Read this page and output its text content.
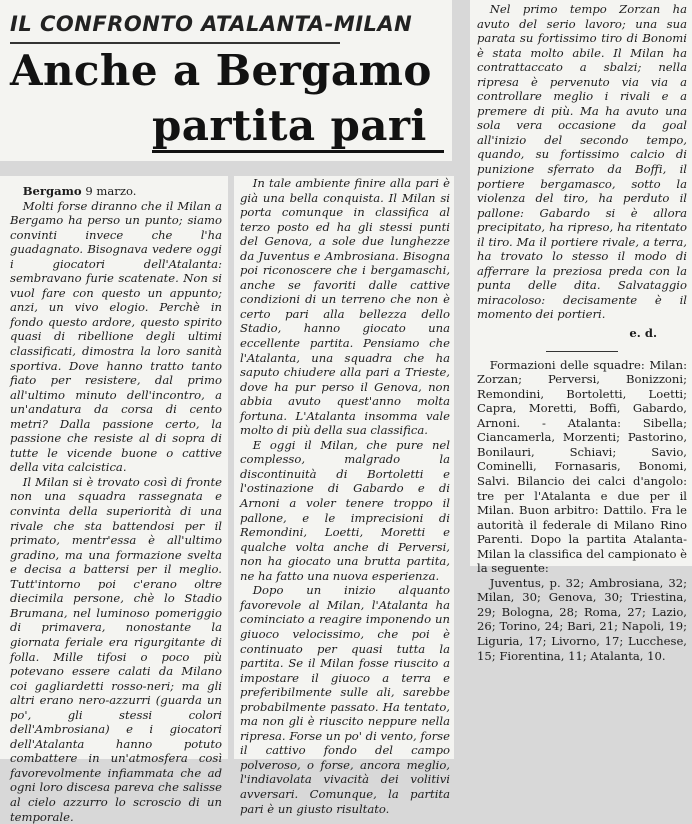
IL CONFRONTO ATALANTA-MILAN
Anche a Bergamo
partita pari

Bergamo 9 marzo.

Molti forse diranno che il Milan a Bergamo ha perso un punto; siamo convinti invece che l'ha guadagnato. Bisognava vedere oggi i giocatori dell'Atalanta: sembravano furie scatenate. Non si vuol fare con questo un appunto; anzi, un vivo elogio. Perchè in fondo questo ardore, questo spirito quasi di ribellione degli ultimi classificati, dimostra la loro sanità sportiva. Dove hanno tratto tanto fiato per resistere, dal primo all'ultimo minuto dell'incontro, a un'andatura da corsa di cento metri? Dalla passione certo, la passione che resiste al di sopra di tutte le vicende buone o cattive della vita calcistica.

Il Milan si è trovato così di fronte non una squadra rassegnata e convinta della superiorità di una rivale che sta battendosi per il primato, mentr'essa è all'ultimo gradino, ma una formazione svelta e decisa a battersi per il meglio. Tutt'intorno poi c'erano oltre diecimila persone, chè lo Stadio Brumana, nel luminoso pomeriggio di primavera, nonostante la giornata feriale era rigurgitante di folla. Mille tifosi o poco più potevano essere calati da Milano coi gagliardetti rosso-neri; ma gli altri erano nero-azzurri (guarda un po', gli stessi colori dell'Ambrosiana) e i giocatori dell'Atalanta hanno potuto combattere in un'atmosfera così favorevolmente infiammata che ad ogni loro discesa pareva che salisse al cielo azzurro lo scroscio di un temporale.

In tale ambiente finire alla pari è già una bella conquista. Il Milan si porta comunque in classifica al terzo posto ed ha gli stessi punti del Genova, a sole due lunghezze da Juventus e Ambrosiana. Bisogna poi riconoscere che i bergamaschi, anche se favoriti dalle cattive condizioni di un terreno che non è certo pari alla bellezza dello Stadio, hanno giocato una eccellente partita. Pensiamo che l'Atalanta, una squadra che ha saputo chiudere alla pari a Trieste, dove ha pur perso il Genova, non abbia avuto quest'anno molta fortuna. L'Atalanta insomma vale molto di più della sua classifica.

E oggi il Milan, che pure nel complesso, malgrado la discontinuità di Bortoletti e l'ostinazione di Gabardo e di Arnoni a voler tenere troppo il pallone, e le imprecisioni di Remondini, Loetti, Moretti e qualche volta anche di Perversi, non ha giocato una brutta partita, ne ha fatto una nuova esperienza.

Dopo un inizio alquanto favorevole al Milan, l'Atalanta ha cominciato a reagire imponendo un giuoco velocissimo, che poi è continuato per quasi tutta la partita. Se il Milan fosse riuscito a impostare il giuoco a terra e preferibilmente sulle ali, sarebbe probabilmente passato. Ha tentato, ma non gli è riuscito neppure nella ripresa. Forse un po' di vento, forse il cattivo fondo del campo polveroso, o forse, ancora meglio, l'indiavolata vivacità dei volitivi avversari. Comunque, la partita pari è un giusto risultato.

Nel primo tempo Zorzan ha avuto del serio lavoro; una sua parata su fortissimo tiro di Bonomi è stata molto abile. Il Milan ha contrattaccato a sbalzi; nella ripresa è pervenuto via via a controllare meglio i rivali e a premere di più. Ma ha avuto una sola vera occasione da goal all'inizio del secondo tempo, quando, su fortissimo calcio di punizione sferrato da Boffi, il portiere bergamasco, sotto la violenza del tiro, ha perduto il pallone: Gabardo si è allora precipitato, ha ripreso, ha ritentato il tiro. Ma il portiere rivale, a terra, ha trovato lo stesso il modo di afferrare la preziosa preda con la punta delle dita. Salvataggio miracoloso: decisamente è il momento dei portieri.

e. d.

Formazioni delle squadre: Milan: Zorzan; Perversi, Bonizzoni; Remondini, Bortoletti, Loetti; Capra, Moretti, Boffi, Gabardo, Arnoni. - Atalanta: Sibella; Ciancamerla, Morzenti; Pastorino, Bonilauri, Schiavi; Savio, Cominelli, Fornasaris, Bonomi, Salvi. Bilancio dei calci d'angolo: tre per l'Atalanta e due per il Milan. Buon arbitro: Dattilo. Fra le autorità il federale di Milano Rino Parenti. Dopo la partita Atalanta-Milan la classifica del campionato è la seguente:

Juventus, p. 32; Ambrosiana, 32; Milan, 30; Genova, 30; Triestina, 29; Bologna, 28; Roma, 27; Lazio, 26; Torino, 24; Bari, 21; Napoli, 19; Liguria, 17; Livorno, 17; Lucchese, 15; Fiorentina, 11; Atalanta, 10.
